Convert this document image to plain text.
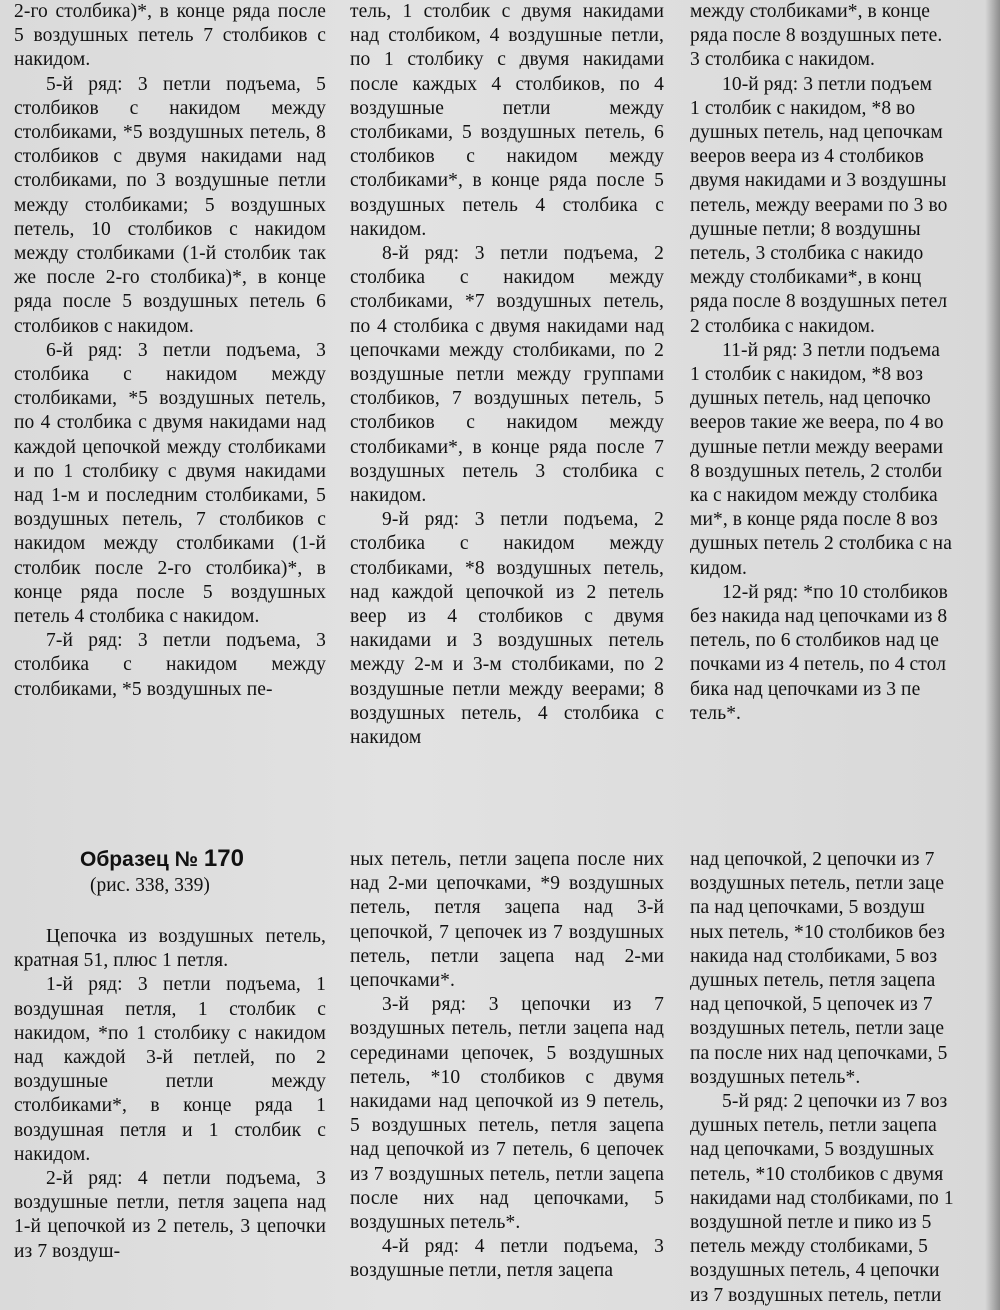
2-го столбика)*, в конце ряда после 5 воздушных петель 7 столбиков с накидом.

5-й ряд: 3 петли подъема, 5 столбиков с накидом между столбиками, *5 воздушных петель, 8 столбиков с двумя накидами над столбиками, по 3 воздушные петли между столбиками; 5 воздушных петель, 10 столбиков с накидом между столбиками (1-й столбик так же после 2-го столбика)*, в конце ряда после 5 воздушных петель 6 столбиков с накидом.

6-й ряд: 3 петли подъема, 3 столбика с накидом между столбиками, *5 воздушных петель, по 4 столбика с двумя накидами над каждой цепочкой между столбиками и по 1 столбику с двумя накидами над 1-м и последним столбиками, 5 воздушных петель, 7 столбиков с накидом между столбиками (1-й столбик после 2-го столбика)*, в конце ряда после 5 воздушных петель 4 столбика с накидом.

7-й ряд: 3 петли подъема, 3 столбика с накидом между столбиками, *5 воздушных пе-

тель, 1 столбик с двумя накидами над столбиком, 4 воздушные петли, по 1 столбику с двумя накидами после каждых 4 столбиков, по 4 воздушные петли между столбиками, 5 воздушных петель, 6 столбиков с накидом между столбиками*, в конце ряда после 5 воздушных петель 4 столбика с накидом.

8-й ряд: 3 петли подъема, 2 столбика с накидом между столбиками, *7 воздушных петель, по 4 столбика с двумя накидами над цепочками между столбиками, по 2 воздушные петли между группами столбиков, 7 воздушных петель, 5 столбиков с накидом между столбиками*, в конце ряда после 7 воздушных петель 3 столбика с накидом.

9-й ряд: 3 петли подъема, 2 столбика с накидом между столбиками, *8 воздушных петель, над каждой цепочкой из 2 петель веер из 4 столбиков с двумя накидами и 3 воздушных петель между 2-м и 3-м столбиками, по 2 воздушные петли между веерами; 8 воздушных петель, 4 столбика с накидом

между столбиками*, в конце

ряда после 8 воздушных пете.

3 столбика с накидом.

10-й ряд: 3 петли подъем

1 столбик с накидом, *8 во

душных петель, над цепочкам

вееров веера из 4 столбиков

двумя накидами и 3 воздушны

петель, между веерами по 3 во

душные петли; 8 воздушны

петель, 3 столбика с накидо

между столбиками*, в конц

ряда после 8 воздушных петел

2 столбика с накидом.

11-й ряд: 3 петли подъема

1 столбик с накидом, *8 воз

душных петель, над цепочко

вееров такие же веера, по 4 во

душные петли между веерами

8 воздушных петель, 2 столби

ка с накидом между столбика

ми*, в конце ряда после 8 воз

душных петель 2 столбика с на

кидом.

12-й ряд: *по 10 столбиков

без накида над цепочками из 8

петель, по 6 столбиков над це

почками из 4 петель, по 4 стол

бика над цепочками из 3 пе

тель*.

Образец № 170
(рис. 338, 339)

Цепочка из воздушных петель, кратная 51, плюс 1 петля.

1-й ряд: 3 петли подъема, 1 воздушная петля, 1 столбик с накидом, *по 1 столбику с накидом над каждой 3-й петлей, по 2 воздушные петли между столбиками*, в конце ряда 1 воздушная петля и 1 столбик с накидом.

2-й ряд: 4 петли подъема, 3 воздушные петли, петля зацепа над 1-й цепочкой из 2 петель, 3 цепочки из 7 воздуш-

ных петель, петли зацепа после них над 2-ми цепочками, *9 воздушных петель, петля зацепа над 3-й цепочкой, 7 цепочек из 7 воздушных петель, петли зацепа над 2-ми цепочками*.

3-й ряд: 3 цепочки из 7 воздушных петель, петли зацепа над серединами цепочек, 5 воздушных петель, *10 столбиков с двумя накидами над цепочкой из 9 петель, 5 воздушных петель, петля зацепа над цепочкой из 7 петель, 6 цепочек из 7 воздушных петель, петли зацепа после них над цепочками, 5 воздушных петель*.

4-й ряд: 4 петли подъема, 3 воздушные петли, петля зацепа

над цепочкой, 2 цепочки из 7

воздушных петель, петли заце

па над цепочками, 5 воздуш

ных петель, *10 столбиков без

накида над столбиками, 5 воз

душных петель, петля зацепа

над цепочкой, 5 цепочек из 7

воздушных петель, петли заце

па после них над цепочками, 5

воздушных петель*.

5-й ряд: 2 цепочки из 7 воз

душных петель, петли зацепа

над цепочками, 5 воздушных

петель, *10 столбиков с двумя

накидами над столбиками, по 1

воздушной петле и пико из 5

петель между столбиками, 5

воздушных петель, 4 цепочки

из 7 воздушных петель, петли
